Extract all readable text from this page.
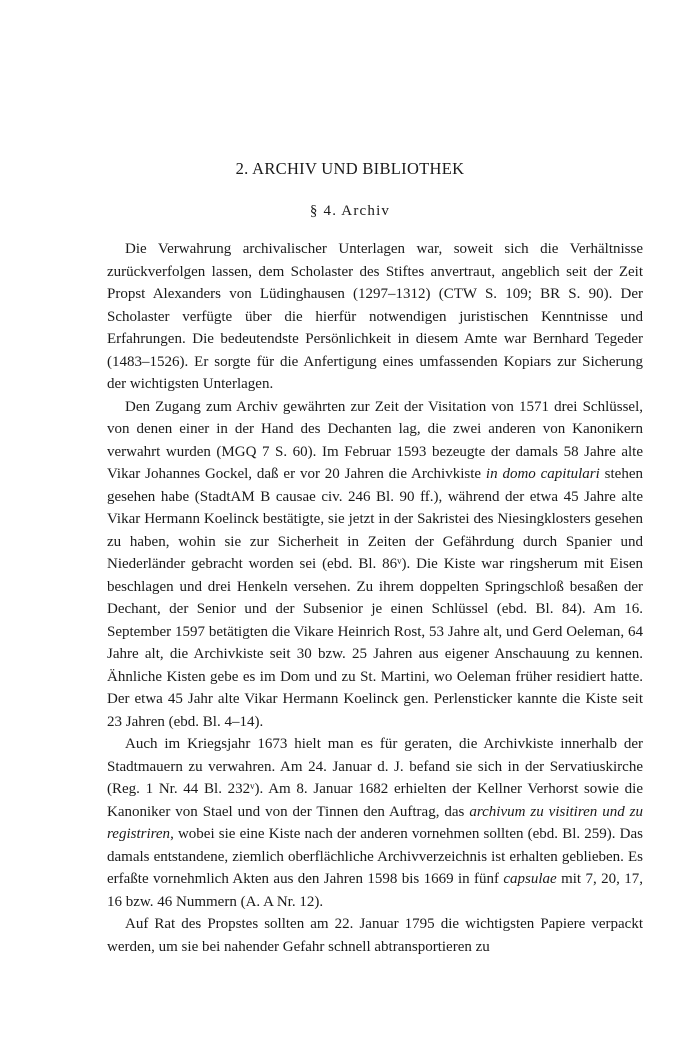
2. ARCHIV UND BIBLIOTHEK
§ 4. Archiv

Die Verwahrung archivalischer Unterlagen war, soweit sich die Verhältnisse zurückverfolgen lassen, dem Scholaster des Stiftes anvertraut, angeblich seit der Zeit Propst Alexanders von Lüdinghausen (1297–1312) (CTW S. 109; BR S. 90). Der Scholaster verfügte über die hierfür notwendigen juristischen Kenntnisse und Erfahrungen. Die bedeutendste Persönlichkeit in diesem Amte war Bernhard Tegeder (1483–1526). Er sorgte für die Anfertigung eines umfassenden Kopiars zur Sicherung der wichtigsten Unterlagen.

Den Zugang zum Archiv gewährten zur Zeit der Visitation von 1571 drei Schlüssel, von denen einer in der Hand des Dechanten lag, die zwei anderen von Kanonikern verwahrt wurden (MGQ 7 S. 60). Im Februar 1593 bezeugte der damals 58 Jahre alte Vikar Johannes Gockel, daß er vor 20 Jahren die Archivkiste in domo capitulari stehen gesehen habe (StadtAM B causae civ. 246 Bl. 90 ff.), während der etwa 45 Jahre alte Vikar Hermann Koelinck bestätigte, sie jetzt in der Sakristei des Niesingklosters gesehen zu haben, wohin sie zur Sicherheit in Zeiten der Gefährdung durch Spanier und Niederländer gebracht worden sei (ebd. Bl. 86ᵛ). Die Kiste war ringsherum mit Eisen beschlagen und drei Henkeln versehen. Zu ihrem doppelten Springschloß besaßen der Dechant, der Senior und der Subsenior je einen Schlüssel (ebd. Bl. 84). Am 16. September 1597 betätigten die Vikare Heinrich Rost, 53 Jahre alt, und Gerd Oeleman, 64 Jahre alt, die Archivkiste seit 30 bzw. 25 Jahren aus eigener Anschauung zu kennen. Ähnliche Kisten gebe es im Dom und zu St. Martini, wo Oeleman früher residiert hatte. Der etwa 45 Jahr alte Vikar Hermann Koelinck gen. Perlensticker kannte die Kiste seit 23 Jahren (ebd. Bl. 4–14).

Auch im Kriegsjahr 1673 hielt man es für geraten, die Archivkiste innerhalb der Stadtmauern zu verwahren. Am 24. Januar d. J. befand sie sich in der Servatiuskirche (Reg. 1 Nr. 44 Bl. 232ᵛ). Am 8. Januar 1682 erhielten der Kellner Verhorst sowie die Kanoniker von Stael und von der Tinnen den Auftrag, das archivum zu visitiren und zu registriren, wobei sie eine Kiste nach der anderen vornehmen sollten (ebd. Bl. 259). Das damals entstandene, ziemlich oberflächliche Archivverzeichnis ist erhalten geblieben. Es erfaßte vornehmlich Akten aus den Jahren 1598 bis 1669 in fünf capsulae mit 7, 20, 17, 16 bzw. 46 Nummern (A. A Nr. 12).

Auf Rat des Propstes sollten am 22. Januar 1795 die wichtigsten Papiere verpackt werden, um sie bei nahender Gefahr schnell abtransportieren zu
